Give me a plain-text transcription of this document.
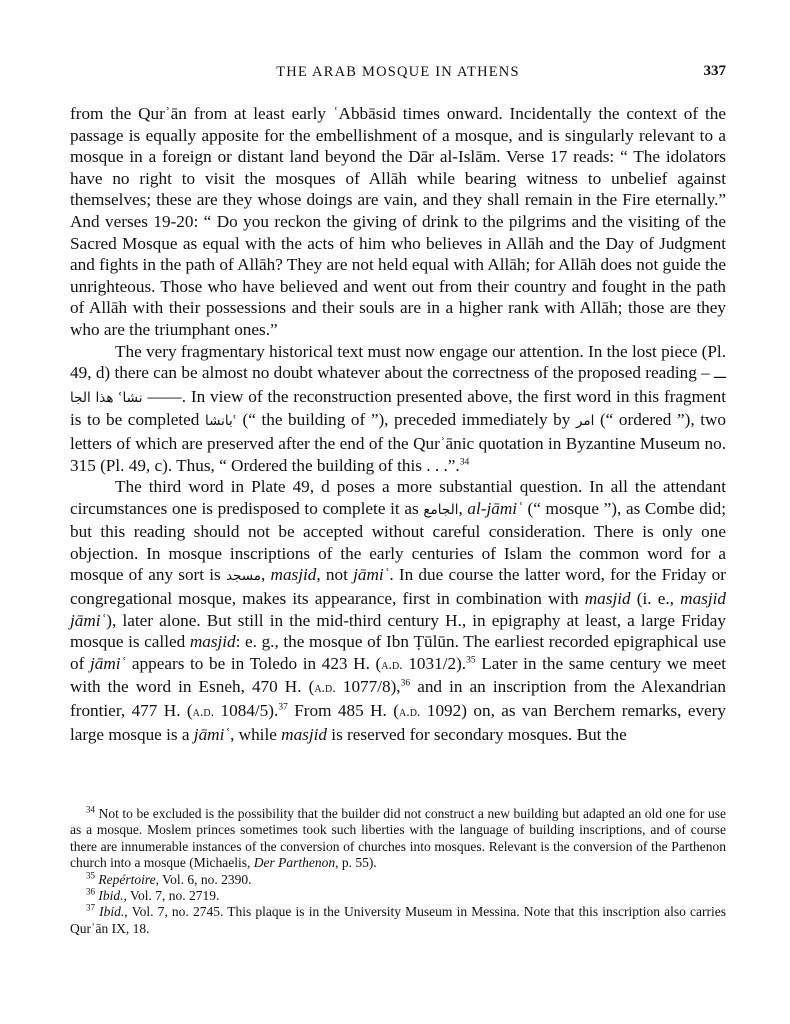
THE ARAB MOSQUE IN ATHENS	337

from the Qurʾān from at least early ʿAbbāsid times onward. Incidentally the context of the passage is equally apposite for the embellishment of a mosque, and is singularly relevant to a mosque in a foreign or distant land beyond the Dār al-Islām. Verse 17 reads: “ The idolators have no right to visit the mosques of Allāh while bearing witness to unbelief against themselves; these are they whose doings are vain, and they shall remain in the Fire eternally.” And verses 19-20: “ Do you reckon the giving of drink to the pilgrims and the visiting of the Sacred Mosque as equal with the acts of him who believes in Allāh and the Day of Judgment and fights in the path of Allāh? They are not held equal with Allāh; for Allāh does not guide the unrighteous. Those who have believed and went out from their country and fought in the path of Allāh with their possessions and their souls are in a higher rank with Allāh; those are they who are the triumphant ones.”

The very fragmentary historical text must now engage our attention. In the lost piece (Pl. 49, d) there can be almost no doubt whatever about the correctness of the proposed reading – ـــ نشاʿ هذا الجا ——. In view of the reconstruction presented above, the first word in this fragment is to be completed ʿبانشا (“ the building of ”), preceded immediately by امر (“ ordered ”), two letters of which are preserved after the end of the Qurʾānic quotation in Byzantine Museum no. 315 (Pl. 49, c). Thus, “ Ordered the building of this . . .”.$^{34}$

The third word in Plate 49, d poses a more substantial question. In all the attendant circumstances one is predisposed to complete it as الجامع, al-jāmiʿ (“ mosque ”), as Combe did; but this reading should not be accepted without careful consideration. There is only one objection. In mosque inscriptions of the early centuries of Islam the common word for a mosque of any sort is مسجد, masjid, not jāmiʿ. In due course the latter word, for the Friday or congregational mosque, makes its appearance, first in combination with masjid (i. e., masjid jāmiʿ), later alone. But still in the mid-third century H., in epigraphy at least, a large Friday mosque is called masjid: e. g., the mosque of Ibn Ṭūlūn. The earliest recorded epigraphical use of jāmiʿ appears to be in Toledo in 423 H. (a.d. 1031/2).$^{35}$ Later in the same century we meet with the word in Esneh, 470 H. (a.d. 1077/8),$^{36}$ and in an inscription from the Alexandrian frontier, 477 H. (a.d. 1084/5).$^{37}$ From 485 H. (a.d. 1092) on, as van Berchem remarks, every large mosque is a jāmiʿ, while masjid is reserved for secondary mosques. But the

$^{34}$ Not to be excluded is the possibility that the builder did not construct a new building but adapted an old one for use as a mosque. Moslem princes sometimes took such liberties with the language of building inscriptions, and of course there are innumerable instances of the conversion of churches into mosques. Relevant is the conversion of the Parthenon church into a mosque (Michaelis, Der Parthenon, p. 55).

$^{35}$ Repértoire, Vol. 6, no. 2390.

$^{36}$ Ibid., Vol. 7, no. 2719.

$^{37}$ Ibid., Vol. 7, no. 2745. This plaque is in the University Museum in Messina. Note that this inscription also carries Qurʾān IX, 18.
